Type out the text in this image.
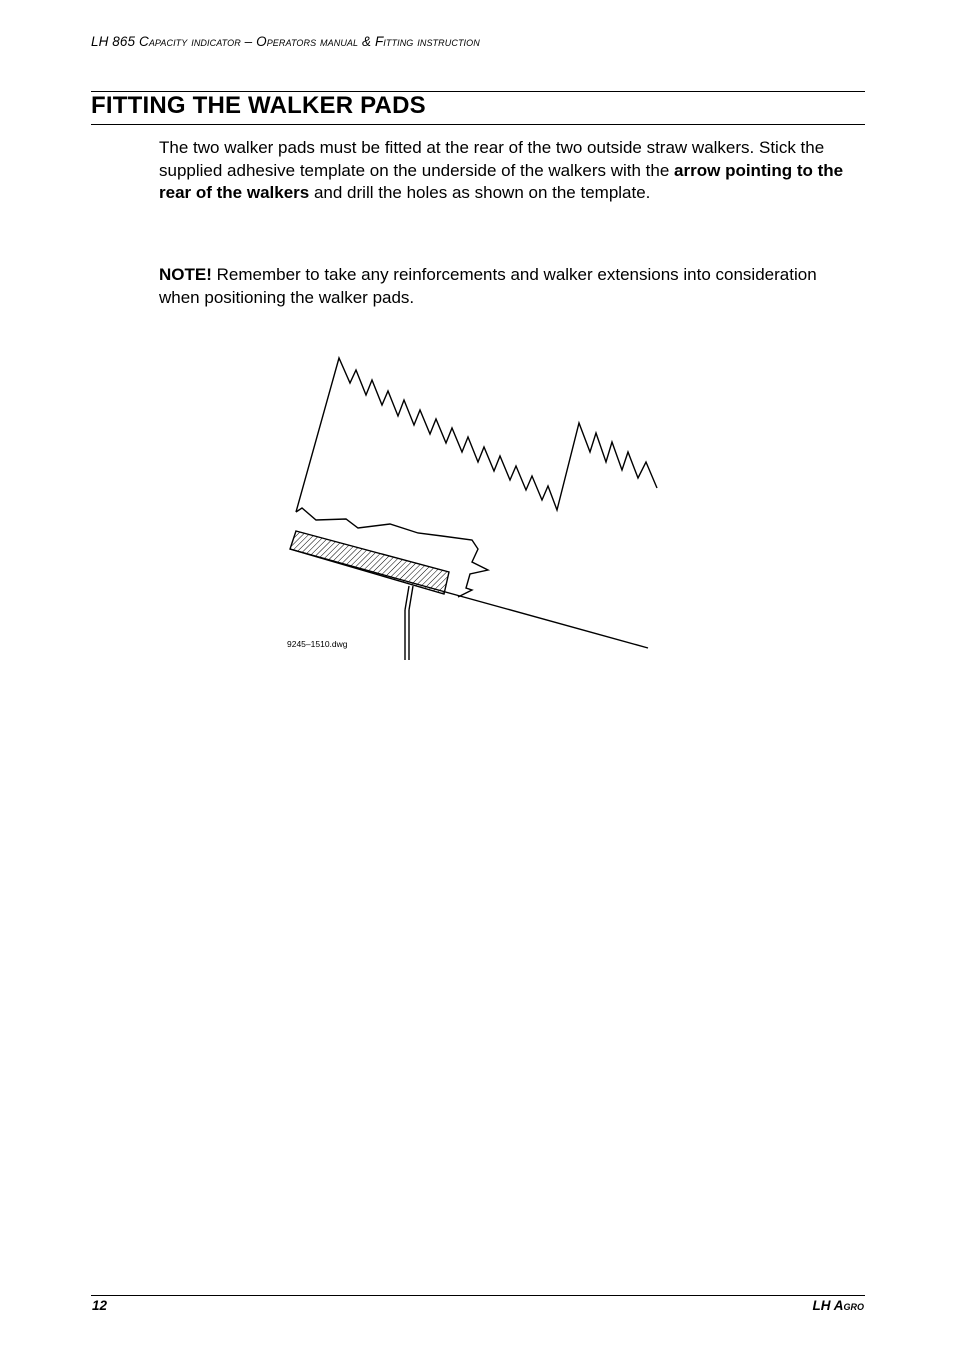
LH 865 Capacity indicator – Operators manual & Fitting instruction
FITTING THE WALKER PADS
The two walker pads must be fitted at the rear of the two outside straw walkers. Stick the supplied adhesive template on the underside of the walkers with the arrow pointing to the rear of the walkers and drill the holes as shown on the template.
NOTE! Remember to take any reinforcements and walker extensions into consideration when positioning the walker pads.
9245–1510.dwg
12	LH Agro
